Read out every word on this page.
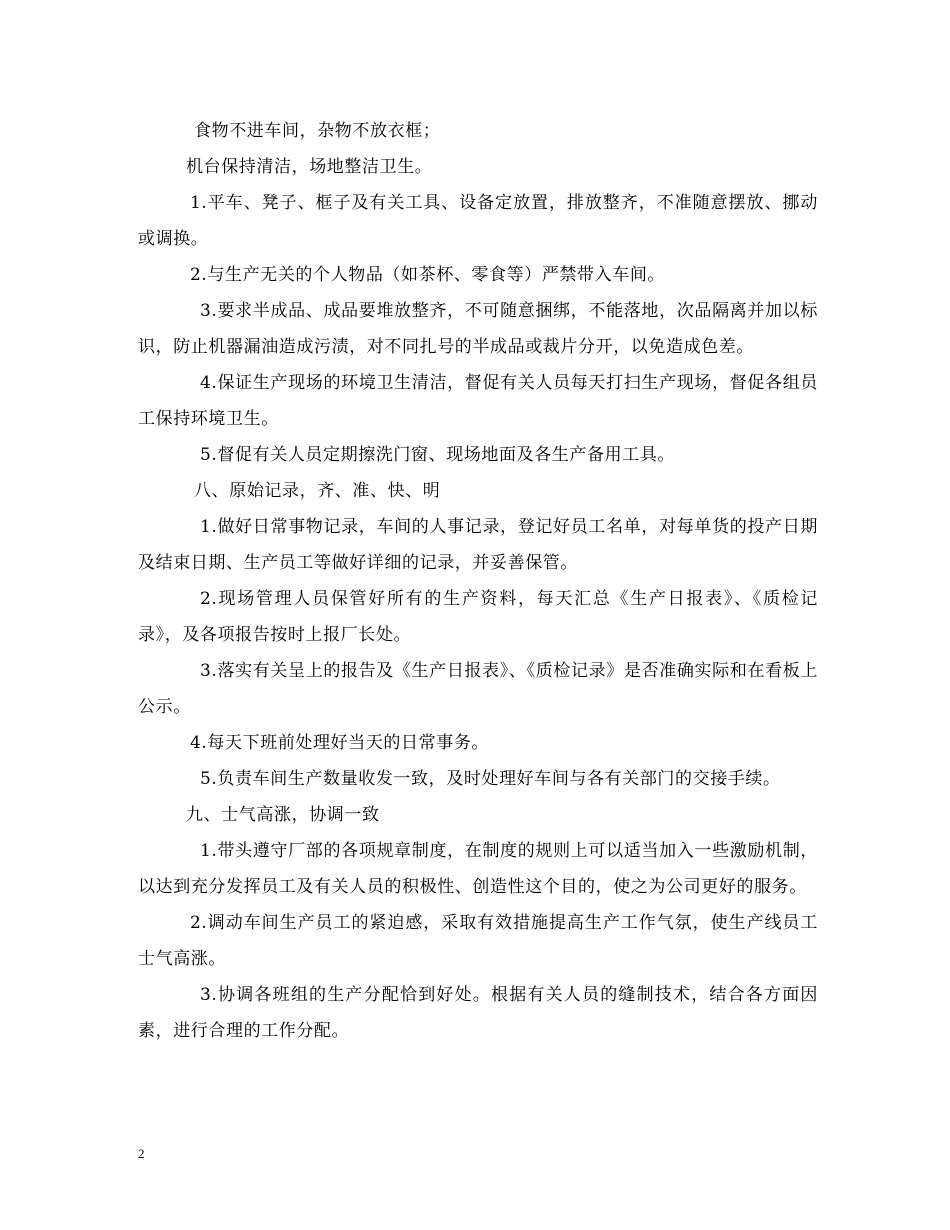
食物不进车间，杂物不放衣框；

机台保持清洁，场地整洁卫生。

1.平车、凳子、框子及有关工具、设备定放置，排放整齐，不准随意摆放、挪动或调换。

2.与生产无关的个人物品（如茶杯、零食等）严禁带入车间。

3.要求半成品、成品要堆放整齐，不可随意捆绑，不能落地，次品隔离并加以标识，防止机器漏油造成污渍，对不同扎号的半成品或裁片分开，以免造成色差。

4.保证生产现场的环境卫生清洁，督促有关人员每天打扫生产现场，督促各组员工保持环境卫生。

5.督促有关人员定期擦洗门窗、现场地面及各生产备用工具。

八、原始记录，齐、准、快、明

1.做好日常事物记录，车间的人事记录，登记好员工名单，对每单货的投产日期及结束日期、生产员工等做好详细的记录，并妥善保管。

2.现场管理人员保管好所有的生产资料，每天汇总《生产日报表》、《质检记录》，及各项报告按时上报厂长处。

3.落实有关呈上的报告及《生产日报表》、《质检记录》是否准确实际和在看板上公示。

4.每天下班前处理好当天的日常事务。

5.负责车间生产数量收发一致，及时处理好车间与各有关部门的交接手续。

九、士气高涨，协调一致

1.带头遵守厂部的各项规章制度，在制度的规则上可以适当加入一些激励机制，以达到充分发挥员工及有关人员的积极性、创造性这个目的，使之为公司更好的服务。

2.调动车间生产员工的紧迫感，采取有效措施提高生产工作气氛，使生产线员工士气高涨。

3.协调各班组的生产分配恰到好处。根据有关人员的缝制技术，结合各方面因素，进行合理的工作分配。

2
